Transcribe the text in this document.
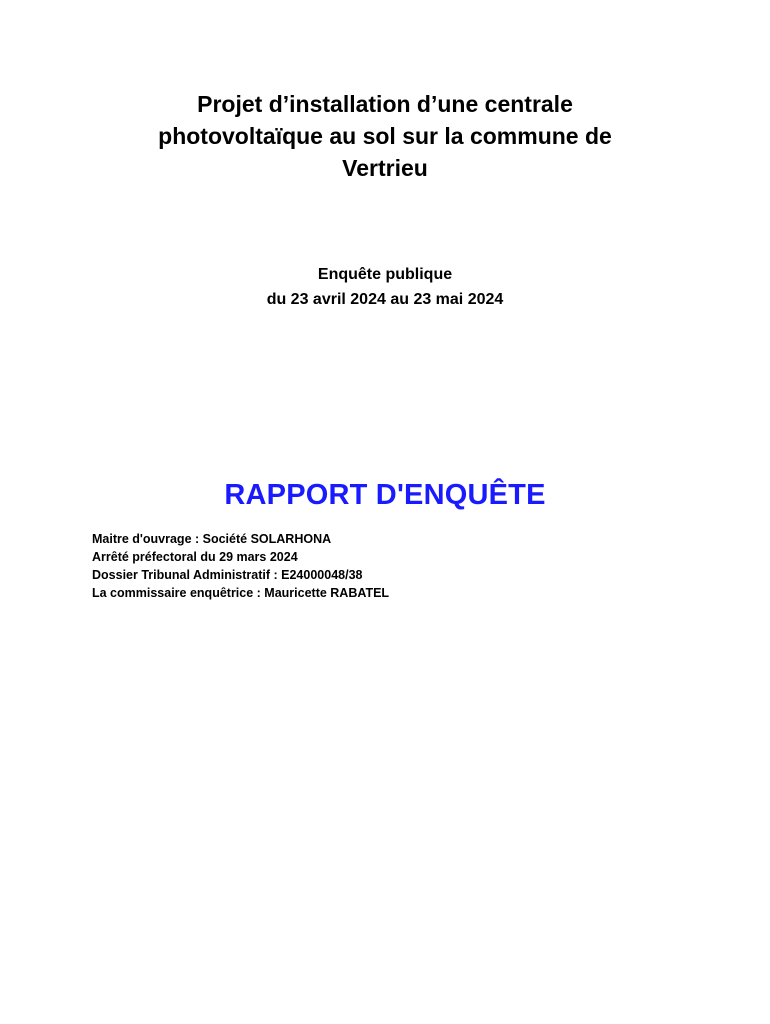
Projet d’installation d’une centrale
photovoltaïque au sol sur la commune de
Vertrieu
Enquête publique
du 23 avril 2024 au 23 mai 2024
RAPPORT D'ENQUÊTE
Maitre d'ouvrage : Société SOLARHONA
Arrêté préfectoral du 29 mars 2024
Dossier Tribunal Administratif : E24000048/38
La commissaire enquêtrice : Mauricette RABATEL
